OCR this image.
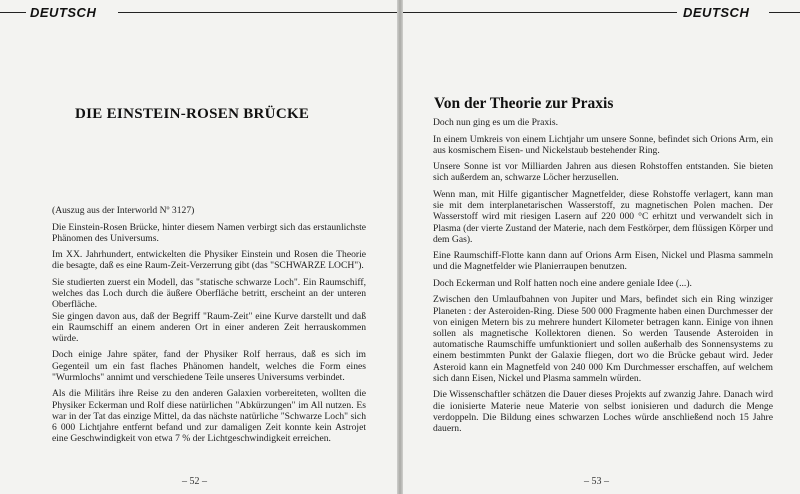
DEUTSCH
DIE EINSTEIN-ROSEN BRÜCKE

(Auszug aus der Interworld Nº 3127)

Die Einstein-Rosen Brücke, hinter diesem Namen verbirgt sich das erstaunlichste Phänomen des Universums.

Im XX. Jahrhundert, entwickelten die Physiker Einstein und Rosen die Theorie die besagte, daß es eine Raum-Zeit-Verzerrung gibt (das "SCHWARZE LOCH").

Sie studierten zuerst ein Modell, das "statische schwarze Loch". Ein Raumschiff, welches das Loch durch die äußere Oberfläche betritt, erscheint an der unteren Oberfläche.
Sie gingen davon aus, daß der Begriff "Raum-Zeit" eine Kurve darstellt und daß ein Raumschiff an einem anderen Ort in einer anderen Zeit herrauskommen würde.

Doch einige Jahre später, fand der Physiker Rolf herraus, daß es sich im Gegenteil um ein fast flaches Phänomen handelt, welches die Form eines "Wurmlochs" annimt und verschiedene Teile unseres Universums verbindet.

Als die Militärs ihre Reise zu den anderen Galaxien vorbereiteten, wollten die Physiker Eckerman und Rolf diese natürlichen "Abkürzungen" im All nutzen. Es war in der Tat das einzige Mittel, da das nächste natürliche "Schwarze Loch" sich 6 000 Lichtjahre entfernt befand und zur damaligen Zeit konnte kein Astrojet eine Geschwindigkeit von etwa 7 % der Lichtgeschwindigkeit erreichen.

– 52 –
DEUTSCH
Von der Theorie zur Praxis

Doch nun ging es um die Praxis.

In einem Umkreis von einem Lichtjahr um unsere Sonne, befindet sich Orions Arm, ein aus kosmischem Eisen- und Nickelstaub bestehender Ring.

Unsere Sonne ist vor Milliarden Jahren aus diesen Rohstoffen entstanden. Sie bieten sich außerdem an, schwarze Löcher herzusellen.

Wenn man, mit Hilfe gigantischer Magnetfelder, diese Rohstoffe verlagert, kann man sie mit dem interplanetarischen Wasserstoff, zu magnetischen Polen machen. Der Wasserstoff wird mit riesigen Lasern auf 220 000 °C erhitzt und verwandelt sich in Plasma (der vierte Zustand der Materie, nach dem Festkörper, dem flüssigen Körper und dem Gas).

Eine Raumschiff-Flotte kann dann auf Orions Arm Eisen, Nickel und Plasma sammeln und die Magnetfelder wie Planierraupen benutzen.

Doch Eckerman und Rolf hatten noch eine andere geniale Idee (...).

Zwischen den Umlaufbahnen von Jupiter und Mars, befindet sich ein Ring winziger Planeten : der Asteroiden-Ring. Diese 500 000 Fragmente haben einen Durchmesser der von einigen Metern bis zu mehrere hundert Kilometer betragen kann. Einige von ihnen sollen als magnetische Kollektoren dienen. So werden Tausende Asteroiden in automatische Raumschiffe umfunktioniert und sollen außerhalb des Sonnensystems zu einem bestimmten Punkt der Galaxie fliegen, dort wo die Brücke gebaut wird. Jeder Asteroid kann ein Magnetfeld von 240 000 Km Durchmesser erschaffen, auf welchem sich dann Eisen, Nickel und Plasma sammeln würden.

Die Wissenschaftler schätzen die Dauer dieses Projekts auf zwanzig Jahre. Danach wird die ionisierte Materie neue Materie von selbst ionisieren und dadurch die Menge verdoppeln. Die Bildung eines schwarzen Loches würde anschließend noch 15 Jahre dauern.

– 53 –
